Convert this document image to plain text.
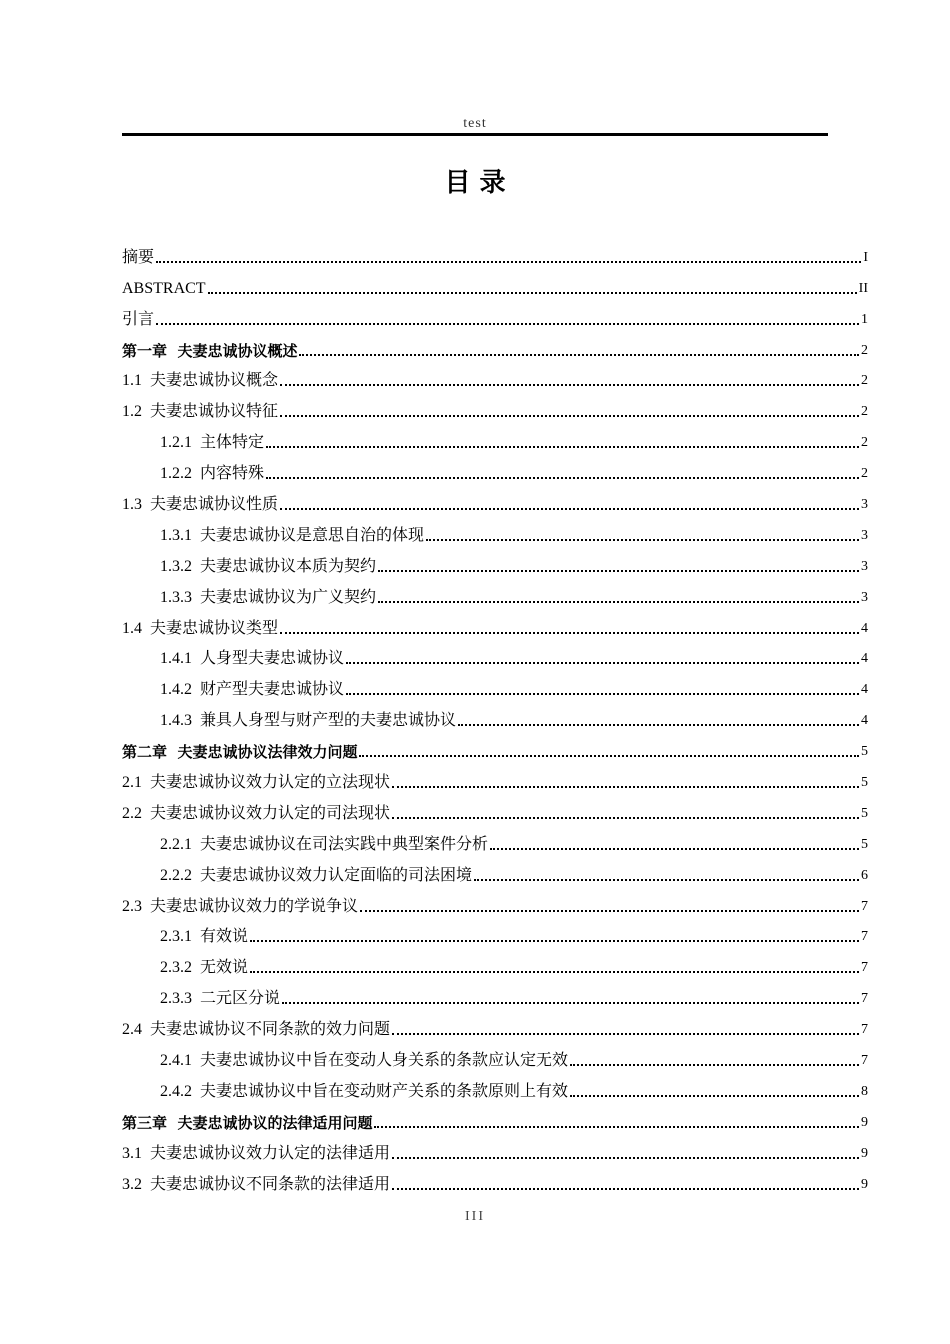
test
目 录
摘要	I
ABSTRACT	II
引言	1
第一章  夫妻忠诚协议概述	2
1.1  夫妻忠诚协议概念	2
1.2  夫妻忠诚协议特征	2
1.2.1  主体特定	2
1.2.2  内容特殊	2
1.3  夫妻忠诚协议性质	3
1.3.1  夫妻忠诚协议是意思自治的体现	3
1.3.2  夫妻忠诚协议本质为契约	3
1.3.3  夫妻忠诚协议为广义契约	3
1.4  夫妻忠诚协议类型	4
1.4.1  人身型夫妻忠诚协议	4
1.4.2  财产型夫妻忠诚协议	4
1.4.3  兼具人身型与财产型的夫妻忠诚协议	4
第二章  夫妻忠诚协议法律效力问题	5
2.1  夫妻忠诚协议效力认定的立法现状	5
2.2  夫妻忠诚协议效力认定的司法现状	5
2.2.1  夫妻忠诚协议在司法实践中典型案件分析	5
2.2.2  夫妻忠诚协议效力认定面临的司法困境	6
2.3  夫妻忠诚协议效力的学说争议	7
2.3.1  有效说	7
2.3.2  无效说	7
2.3.3  二元区分说	7
2.4  夫妻忠诚协议不同条款的效力问题	7
2.4.1  夫妻忠诚协议中旨在变动人身关系的条款应认定无效	7
2.4.2  夫妻忠诚协议中旨在变动财产关系的条款原则上有效	8
第三章  夫妻忠诚协议的法律适用问题	9
3.1  夫妻忠诚协议效力认定的法律适用	9
3.2  夫妻忠诚协议不同条款的法律适用	9
III
